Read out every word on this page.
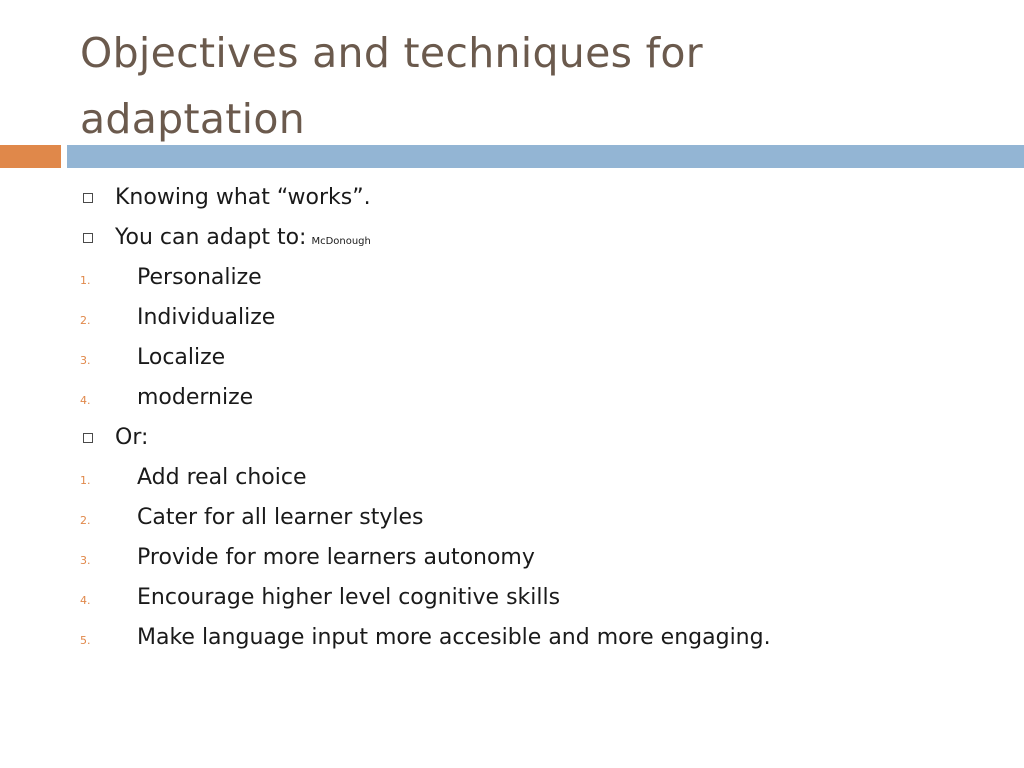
Objectives and techniques for
adaptation
Knowing what “works”.
You can adapt to: McDonough
1. Personalize
2. Individualize
3. Localize
4. modernize
Or:
1. Add real choice
2. Cater for all learner styles
3. Provide for more learners autonomy
4. Encourage higher level cognitive skills
5. Make language input more accesible and more engaging.
